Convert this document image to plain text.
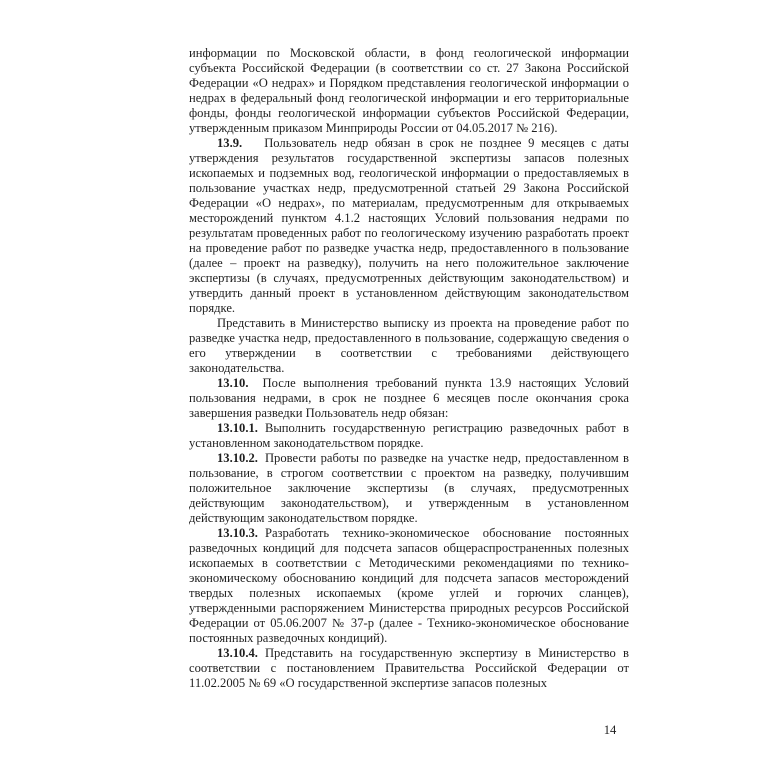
информации по Московской области, в фонд геологической информации субъекта Российской Федерации (в соответствии со ст. 27 Закона Российской Федерации «О недрах» и Порядком представления геологической информации о недрах в федеральный фонд геологической информации и его территориальные фонды, фонды геологической информации субъектов Российской Федерации, утвержденным приказом Минприроды России от 04.05.2017 № 216).

13.9. Пользователь недр обязан в срок не позднее 9 месяцев с даты утверждения результатов государственной экспертизы запасов полезных ископаемых и подземных вод, геологической информации о предоставляемых в пользование участках недр, предусмотренной статьей 29 Закона Российской Федерации «О недрах», по материалам, предусмотренным для открываемых месторождений пунктом 4.1.2 настоящих Условий пользования недрами по результатам проведенных работ по геологическому изучению разработать проект на проведение работ по разведке участка недр, предоставленного в пользование (далее – проект на разведку), получить на него положительное заключение экспертизы (в случаях, предусмотренных действующим законодательством) и утвердить данный проект в установленном действующим законодательством порядке.

Представить в Министерство выписку из проекта на проведение работ по разведке участка недр, предоставленного в пользование, содержащую сведения о его утверждении в соответствии с требованиями действующего законодательства.

13.10. После выполнения требований пункта 13.9 настоящих Условий пользования недрами, в срок не позднее 6 месяцев после окончания срока завершения разведки Пользователь недр обязан:

13.10.1. Выполнить государственную регистрацию разведочных работ в установленном законодательством порядке.

13.10.2. Провести работы по разведке на участке недр, предоставленном в пользование, в строгом соответствии с проектом на разведку, получившим положительное заключение экспертизы (в случаях, предусмотренных действующим законодательством), и утвержденным в установленном действующим законодательством порядке.

13.10.3. Разработать технико-экономическое обоснование постоянных разведочных кондиций для подсчета запасов общераспространенных полезных ископаемых в соответствии с Методическими рекомендациями по технико-экономическому обоснованию кондиций для подсчета запасов месторождений твердых полезных ископаемых (кроме углей и горючих сланцев), утвержденными распоряжением Министерства природных ресурсов Российской Федерации от 05.06.2007 № 37-р (далее - Технико-экономическое обоснование постоянных разведочных кондиций).

13.10.4. Представить на государственную экспертизу в Министерство в соответствии с постановлением Правительства Российской Федерации от 11.02.2005 № 69 «О государственной экспертизе запасов полезных

14
